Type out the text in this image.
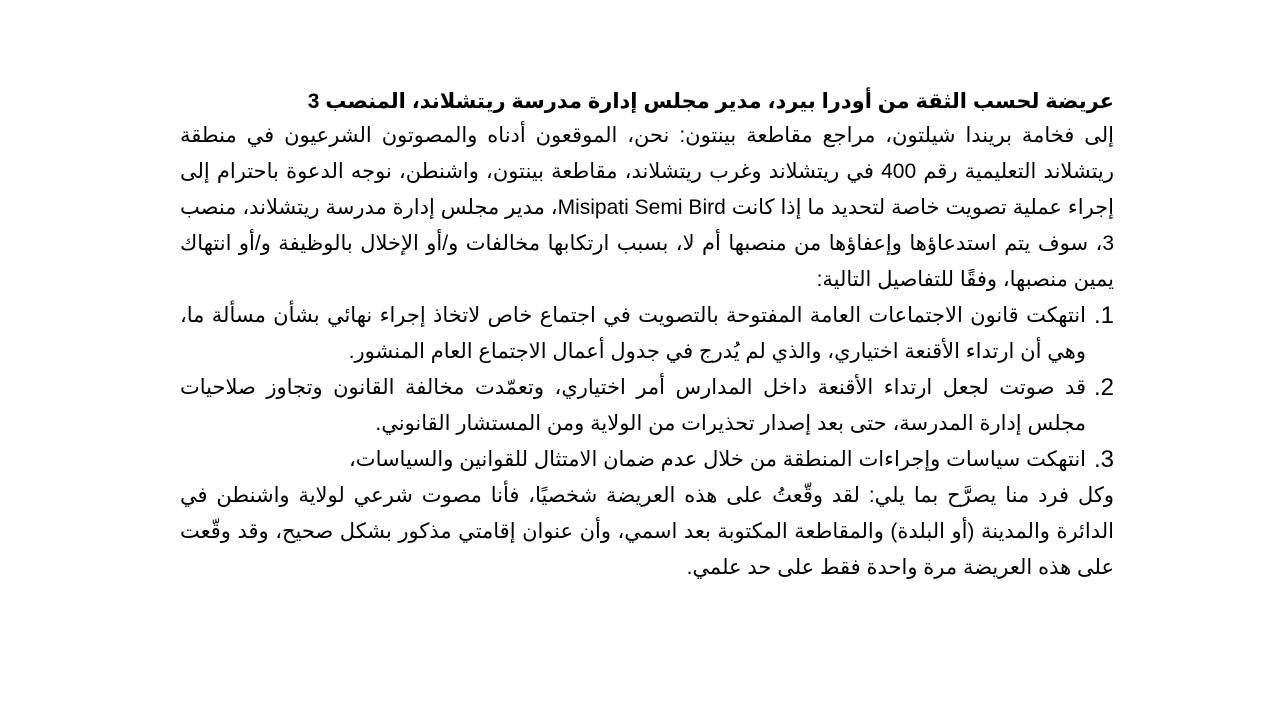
عريضة لحسب الثقة من أودرا بيرد، مدير مجلس إدارة مدرسة ريتشلاند، المنصب 3

إلى فخامة بريندا شيلتون، مراجع مقاطعة بينتون: نحن، الموقعون أدناه والمصوتون الشرعيون في منطقة ريتشلاند التعليمية رقم 400 في ريتشلاند وغرب ريتشلاند، مقاطعة بينتون، واشنطن، نوجه الدعوة باحترام إلى إجراء عملية تصويت خاصة لتحديد ما إذا كانت Misipati Semi Bird، مدير مجلس إدارة مدرسة ريتشلاند، منصب 3، سوف يتم استدعاؤها وإعفاؤها من منصبها أم لا، بسبب ارتكابها مخالفات و/أو الإخلال بالوظيفة و/أو انتهاك يمين منصبها، وفقًا للتفاصيل التالية:

1.
انتهكت قانون الاجتماعات العامة المفتوحة بالتصويت في اجتماع خاص لاتخاذ إجراء نهائي بشأن مسألة ما، وهي أن ارتداء الأقنعة اختياري، والذي لم يُدرج في جدول أعمال الاجتماع العام المنشور.
2.
قد صوتت لجعل ارتداء الأقنعة داخل المدارس أمر اختياري، وتعمّدت مخالفة القانون وتجاوز صلاحيات مجلس إدارة المدرسة، حتى بعد إصدار تحذيرات من الولاية ومن المستشار القانوني.
3.
انتهكت سياسات وإجراءات المنطقة من خلال عدم ضمان الامتثال للقوانين والسياسات،

وكل فرد منا يصرَّح بما يلي: لقد وقّعتُ على هذه العريضة شخصيًا، فأنا مصوت شرعي لولاية واشنطن في الدائرة والمدينة (أو البلدة) والمقاطعة المكتوبة بعد اسمي، وأن عنوان إقامتي مذكور بشكل صحيح، وقد وقّعت على هذه العريضة مرة واحدة فقط على حد علمي.
